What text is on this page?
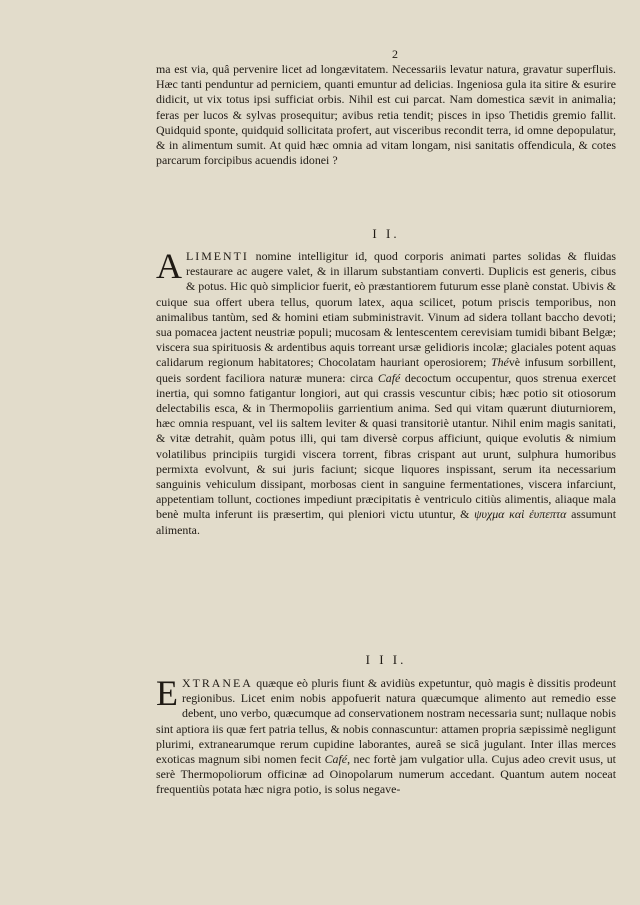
2

ma est via, quâ pervenire licet ad longævitatem. Necessariis levatur natura, gravatur superfluis. Hæc tanti penduntur ad perniciem, quanti emuntur ad delicias. Ingeniosa gula ita sitire & esurire didicit, ut vix totus ipsi sufficiat orbis. Nihil est cui parcat. Nam domestica sævit in animalia; feras per lucos & sylvas prosequitur; avibus retia tendit; pisces in ipso Thetidis gremio fallit. Quidquid sponte, quidquid sollicitata profert, aut visceribus recondit terra, id omne depopulatur, & in alimentum sumit. At quid hæc omnia ad vitam longam, nisi sanitatis offendicula, & cotes parcarum forcipibus acuendis idonei ?

I I.

ALIMENTI nomine intelligitur id, quod corporis animati partes solidas & fluidas restaurare ac augere valet, & in illarum substantiam converti. Duplicis est generis, cibus & potus. Hic quò simplicior fuerit, eò præstantiorem futurum esse planè constat. Ubivis & cuique sua offert ubera tellus, quorum latex, aqua scilicet, potum priscis temporibus, non animalibus tantùm, sed & homini etiam subministravit. Vinum ad sidera tollant baccho devoti; sua pomacea jactent neustriæ populi; mucosam & lentescentem cerevisiam tumidi bibant Belgæ; viscera sua spirituosis & ardentibus aquis torreant ursæ gelidioris incolæ; glaciales potent aquas calidarum regionum habitatores; Chocolatam hauriant operosiorem; Thévè infusum sorbillent, queis sordent faciliora naturæ munera: circa Café decoctum occupentur, quos strenua exercet inertia, qui somno fatigantur longiori, aut qui crassis vescuntur cibis; hæc potio sit otiosorum delectabilis esca, & in Thermopoliis garrientium anima. Sed qui vitam quærunt diuturniorem, hæc omnia respuant, vel iis saltem leviter & quasi transitoriè utantur. Nihil enim magis sanitati, & vitæ detrahit, quàm potus illi, qui tam diversè corpus afficiunt, quique evolutis & nimium volatilibus principiis turgidi viscera torrent, fibras crispant aut urunt, sulphura humoribus permixta evolvunt, & sui juris faciunt; sicque liquores inspissant, serum ita necessarium sanguinis vehiculum dissipant, morbosas cient in sanguine fermentationes, viscera infarciunt, appetentiam tollunt, coctiones impediunt præcipitatis è ventriculo citiùs alimentis, aliaque mala benè multa inferunt iis præsertim, qui pleniori victu utuntur, & ψυχμα καὶ ἐυπεπτα assumunt alimenta.

I I I.

EXTRANEA quæque eò pluris fiunt & avidiùs expetuntur, quò magis è dissitis prodeunt regionibus. Licet enim nobis appofuerit natura quæcumque alimento aut remedio esse debent, uno verbo, quæcumque ad conservationem nostram necessaria sunt; nullaque nobis sint aptiora iis quæ fert patria tellus, & nobis connascuntur: attamen propria sæpissimè negligunt plurimi, extranearumque rerum cupidine laborantes, aureâ se sicâ jugulant. Inter illas merces exoticas magnum sibi nomen fecit Café, nec fortè jam vulgatior ulla. Cujus adeo crevit usus, ut serè Thermopoliorum officinæ ad Oinopolarum numerum accedant. Quantum autem noceat frequentiùs potata hæc nigra potio, is solus negave-
